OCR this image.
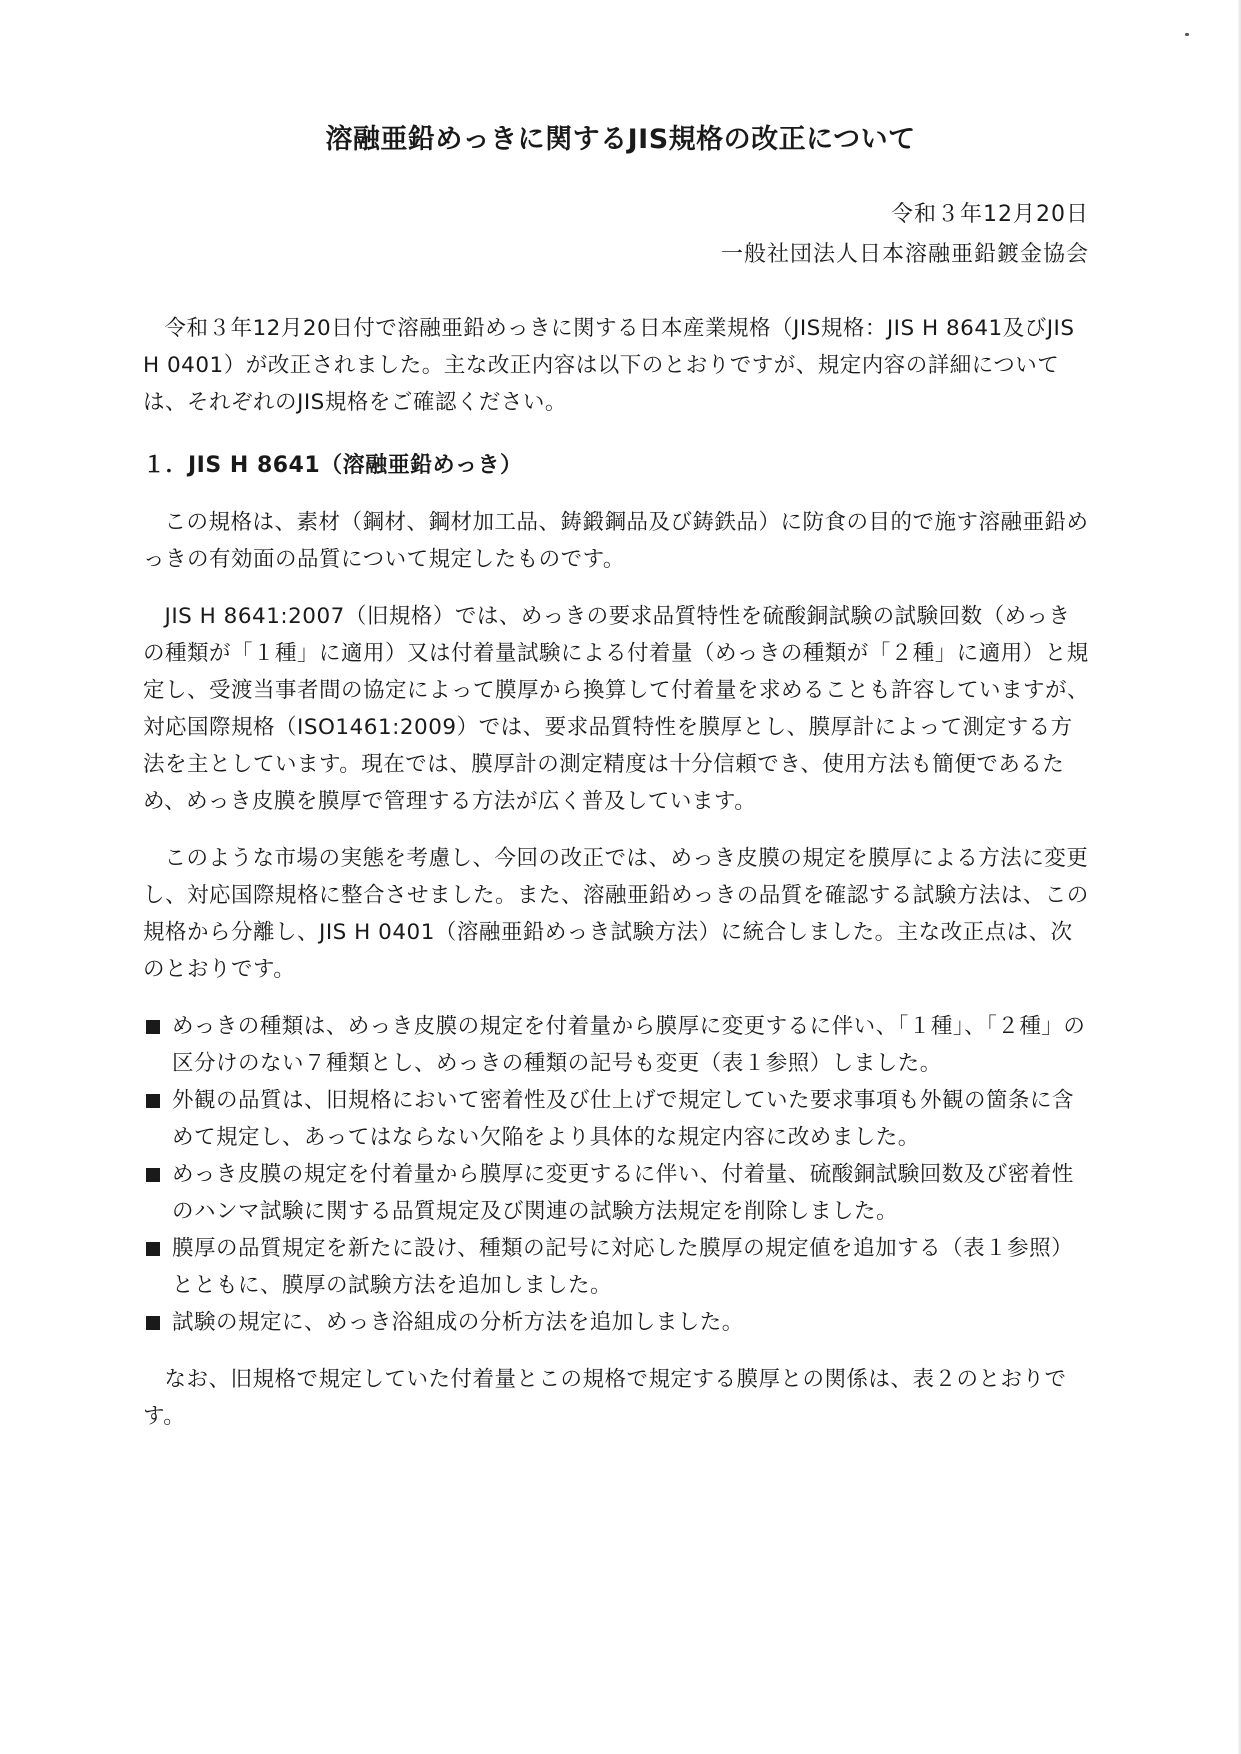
溶融亜鉛めっきに関するJIS規格の改正について
令和３年12月20日
一般社団法人日本溶融亜鉛鍍金協会

令和３年12月20日付で溶融亜鉛めっきに関する日本産業規格（JIS規格：JIS H 8641及びJIS H 0401）が改正されました。主な改正内容は以下のとおりですが、規定内容の詳細については、それぞれのJIS規格をご確認ください。

１．JIS H 8641（溶融亜鉛めっき）

この規格は、素材（鋼材、鋼材加工品、鋳鍛鋼品及び鋳鉄品）に防食の目的で施す溶融亜鉛めっきの有効面の品質について規定したものです。

JIS H 8641:2007（旧規格）では、めっきの要求品質特性を硫酸銅試験の試験回数（めっきの種類が「１種」に適用）又は付着量試験による付着量（めっきの種類が「２種」に適用）と規定し、受渡当事者間の協定によって膜厚から換算して付着量を求めることも許容していますが、対応国際規格（ISO1461:2009）では、要求品質特性を膜厚とし、膜厚計によって測定する方法を主としています。現在では、膜厚計の測定精度は十分信頼でき、使用方法も簡便であるため、めっき皮膜を膜厚で管理する方法が広く普及しています。

このような市場の実態を考慮し、今回の改正では、めっき皮膜の規定を膜厚による方法に変更し、対応国際規格に整合させました。また、溶融亜鉛めっきの品質を確認する試験方法は、この規格から分離し、JIS H 0401（溶融亜鉛めっき試験方法）に統合しました。主な改正点は、次のとおりです。

めっきの種類は、めっき皮膜の規定を付着量から膜厚に変更するに伴い、「１種」、「２種」の区分けのない７種類とし、めっきの種類の記号も変更（表１参照）しました。
外観の品質は、旧規格において密着性及び仕上げで規定していた要求事項も外観の箇条に含めて規定し、あってはならない欠陥をより具体的な規定内容に改めました。
めっき皮膜の規定を付着量から膜厚に変更するに伴い、付着量、硫酸銅試験回数及び密着性のハンマ試験に関する品質規定及び関連の試験方法規定を削除しました。
膜厚の品質規定を新たに設け、種類の記号に対応した膜厚の規定値を追加する（表１参照）とともに、膜厚の試験方法を追加しました。
試験の規定に、めっき浴組成の分析方法を追加しました。

なお、旧規格で規定していた付着量とこの規格で規定する膜厚との関係は、表２のとおりです。
